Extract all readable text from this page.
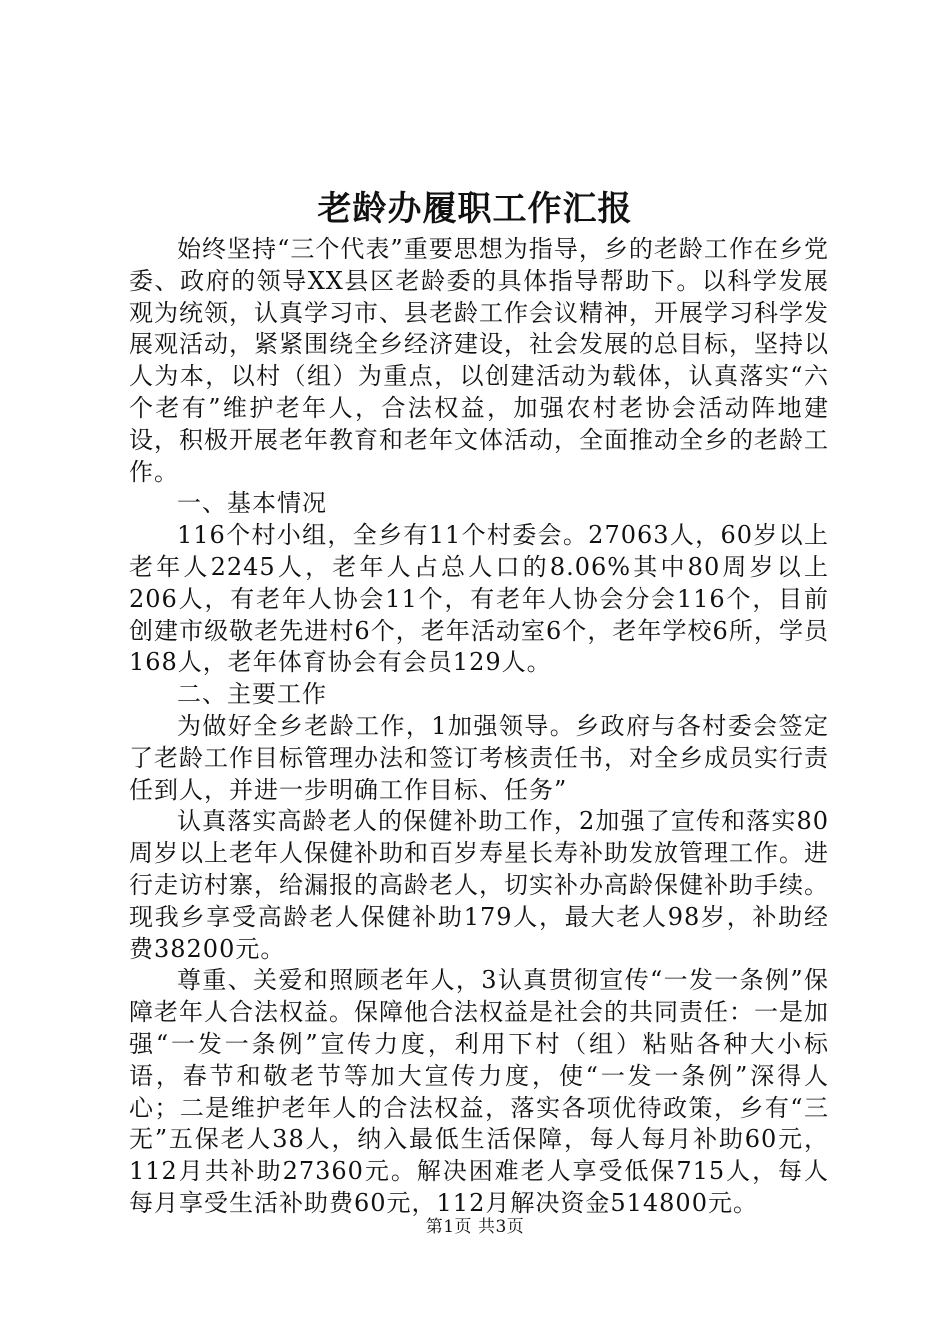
老龄办履职工作汇报

始终坚持“三个代表”重要思想为指导，乡的老龄工作在乡党委、政府的领导XX县区老龄委的具体指导帮助下。以科学发展观为统领，认真学习市、县老龄工作会议精神，开展学习科学发展观活动，紧紧围绕全乡经济建设，社会发展的总目标，坚持以人为本，以村（组）为重点，以创建活动为载体，认真落实“六个老有”维护老年人，合法权益，加强农村老协会活动阵地建设，积极开展老年教育和老年文体活动，全面推动全乡的老龄工作。

一、基本情况

116个村小组，全乡有11个村委会。27063人，60岁以上老年人2245人，老年人占总人口的8.06%其中80周岁以上206人，有老年人协会11个，有老年人协会分会116个，目前创建市级敬老先进村6个，老年活动室6个，老年学校6所，学员168人，老年体育协会有会员129人。

二、主要工作

为做好全乡老龄工作，1加强领导。乡政府与各村委会签定了老龄工作目标管理办法和签订考核责任书，对全乡成员实行责任到人，并进一步明确工作目标、任务”

认真落实高龄老人的保健补助工作，2加强了宣传和落实80周岁以上老年人保健补助和百岁寿星长寿补助发放管理工作。进行走访村寨，给漏报的高龄老人，切实补办高龄保健补助手续。现我乡享受高龄老人保健补助179人，最大老人98岁，补助经费38200元。

尊重、关爱和照顾老年人，3认真贯彻宣传“一发一条例”保障老年人合法权益。保障他合法权益是社会的共同责任：一是加强“一发一条例”宣传力度，利用下村（组）粘贴各种大小标语，春节和敬老节等加大宣传力度，使“一发一条例”深得人心；二是维护老年人的合法权益，落实各项优待政策，乡有“三无”五保老人38人，纳入最低生活保障，每人每月补助60元，112月共补助27360元。解决困难老人享受低保715人，每人每月享受生活补助费60元，112月解决资金514800元。

第1页 共3页
